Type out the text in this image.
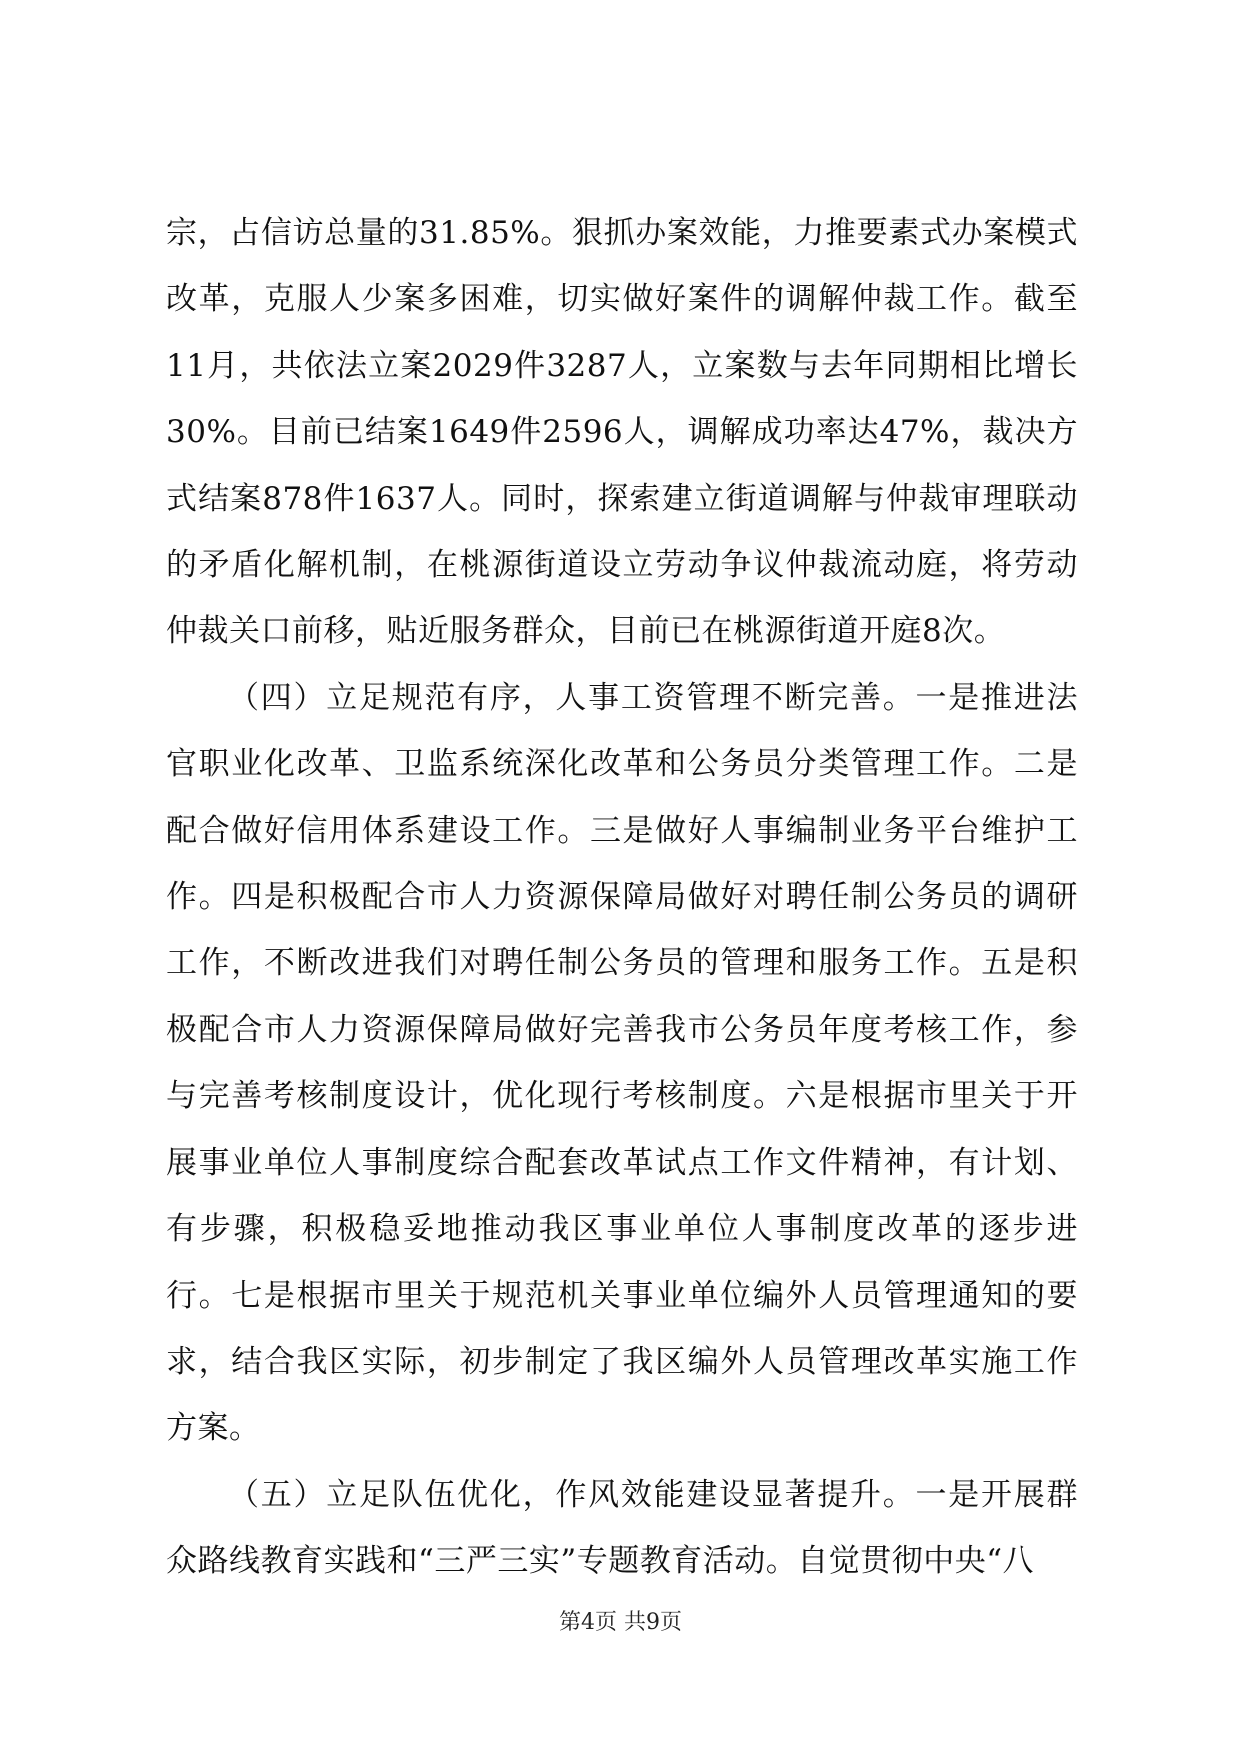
宗，占信访总量的31.85%。狠抓办案效能，力推要素式办案模式改革，克服人少案多困难，切实做好案件的调解仲裁工作。截至11月，共依法立案2029件3287人，立案数与去年同期相比增长30%。目前已结案1649件2596人，调解成功率达47%，裁决方式结案878件1637人。同时，探索建立街道调解与仲裁审理联动的矛盾化解机制，在桃源街道设立劳动争议仲裁流动庭，将劳动仲裁关口前移，贴近服务群众，目前已在桃源街道开庭8次。

（四）立足规范有序，人事工资管理不断完善。一是推进法官职业化改革、卫监系统深化改革和公务员分类管理工作。二是配合做好信用体系建设工作。三是做好人事编制业务平台维护工作。四是积极配合市人力资源保障局做好对聘任制公务员的调研工作，不断改进我们对聘任制公务员的管理和服务工作。五是积极配合市人力资源保障局做好完善我市公务员年度考核工作，参与完善考核制度设计，优化现行考核制度。六是根据市里关于开展事业单位人事制度综合配套改革试点工作文件精神，有计划、有步骤，积极稳妥地推动我区事业单位人事制度改革的逐步进行。七是根据市里关于规范机关事业单位编外人员管理通知的要求，结合我区实际，初步制定了我区编外人员管理改革实施工作方案。

（五）立足队伍优化，作风效能建设显著提升。一是开展群众路线教育实践和“三严三实”专题教育活动。自觉贯彻中央“八

第4页 共9页
